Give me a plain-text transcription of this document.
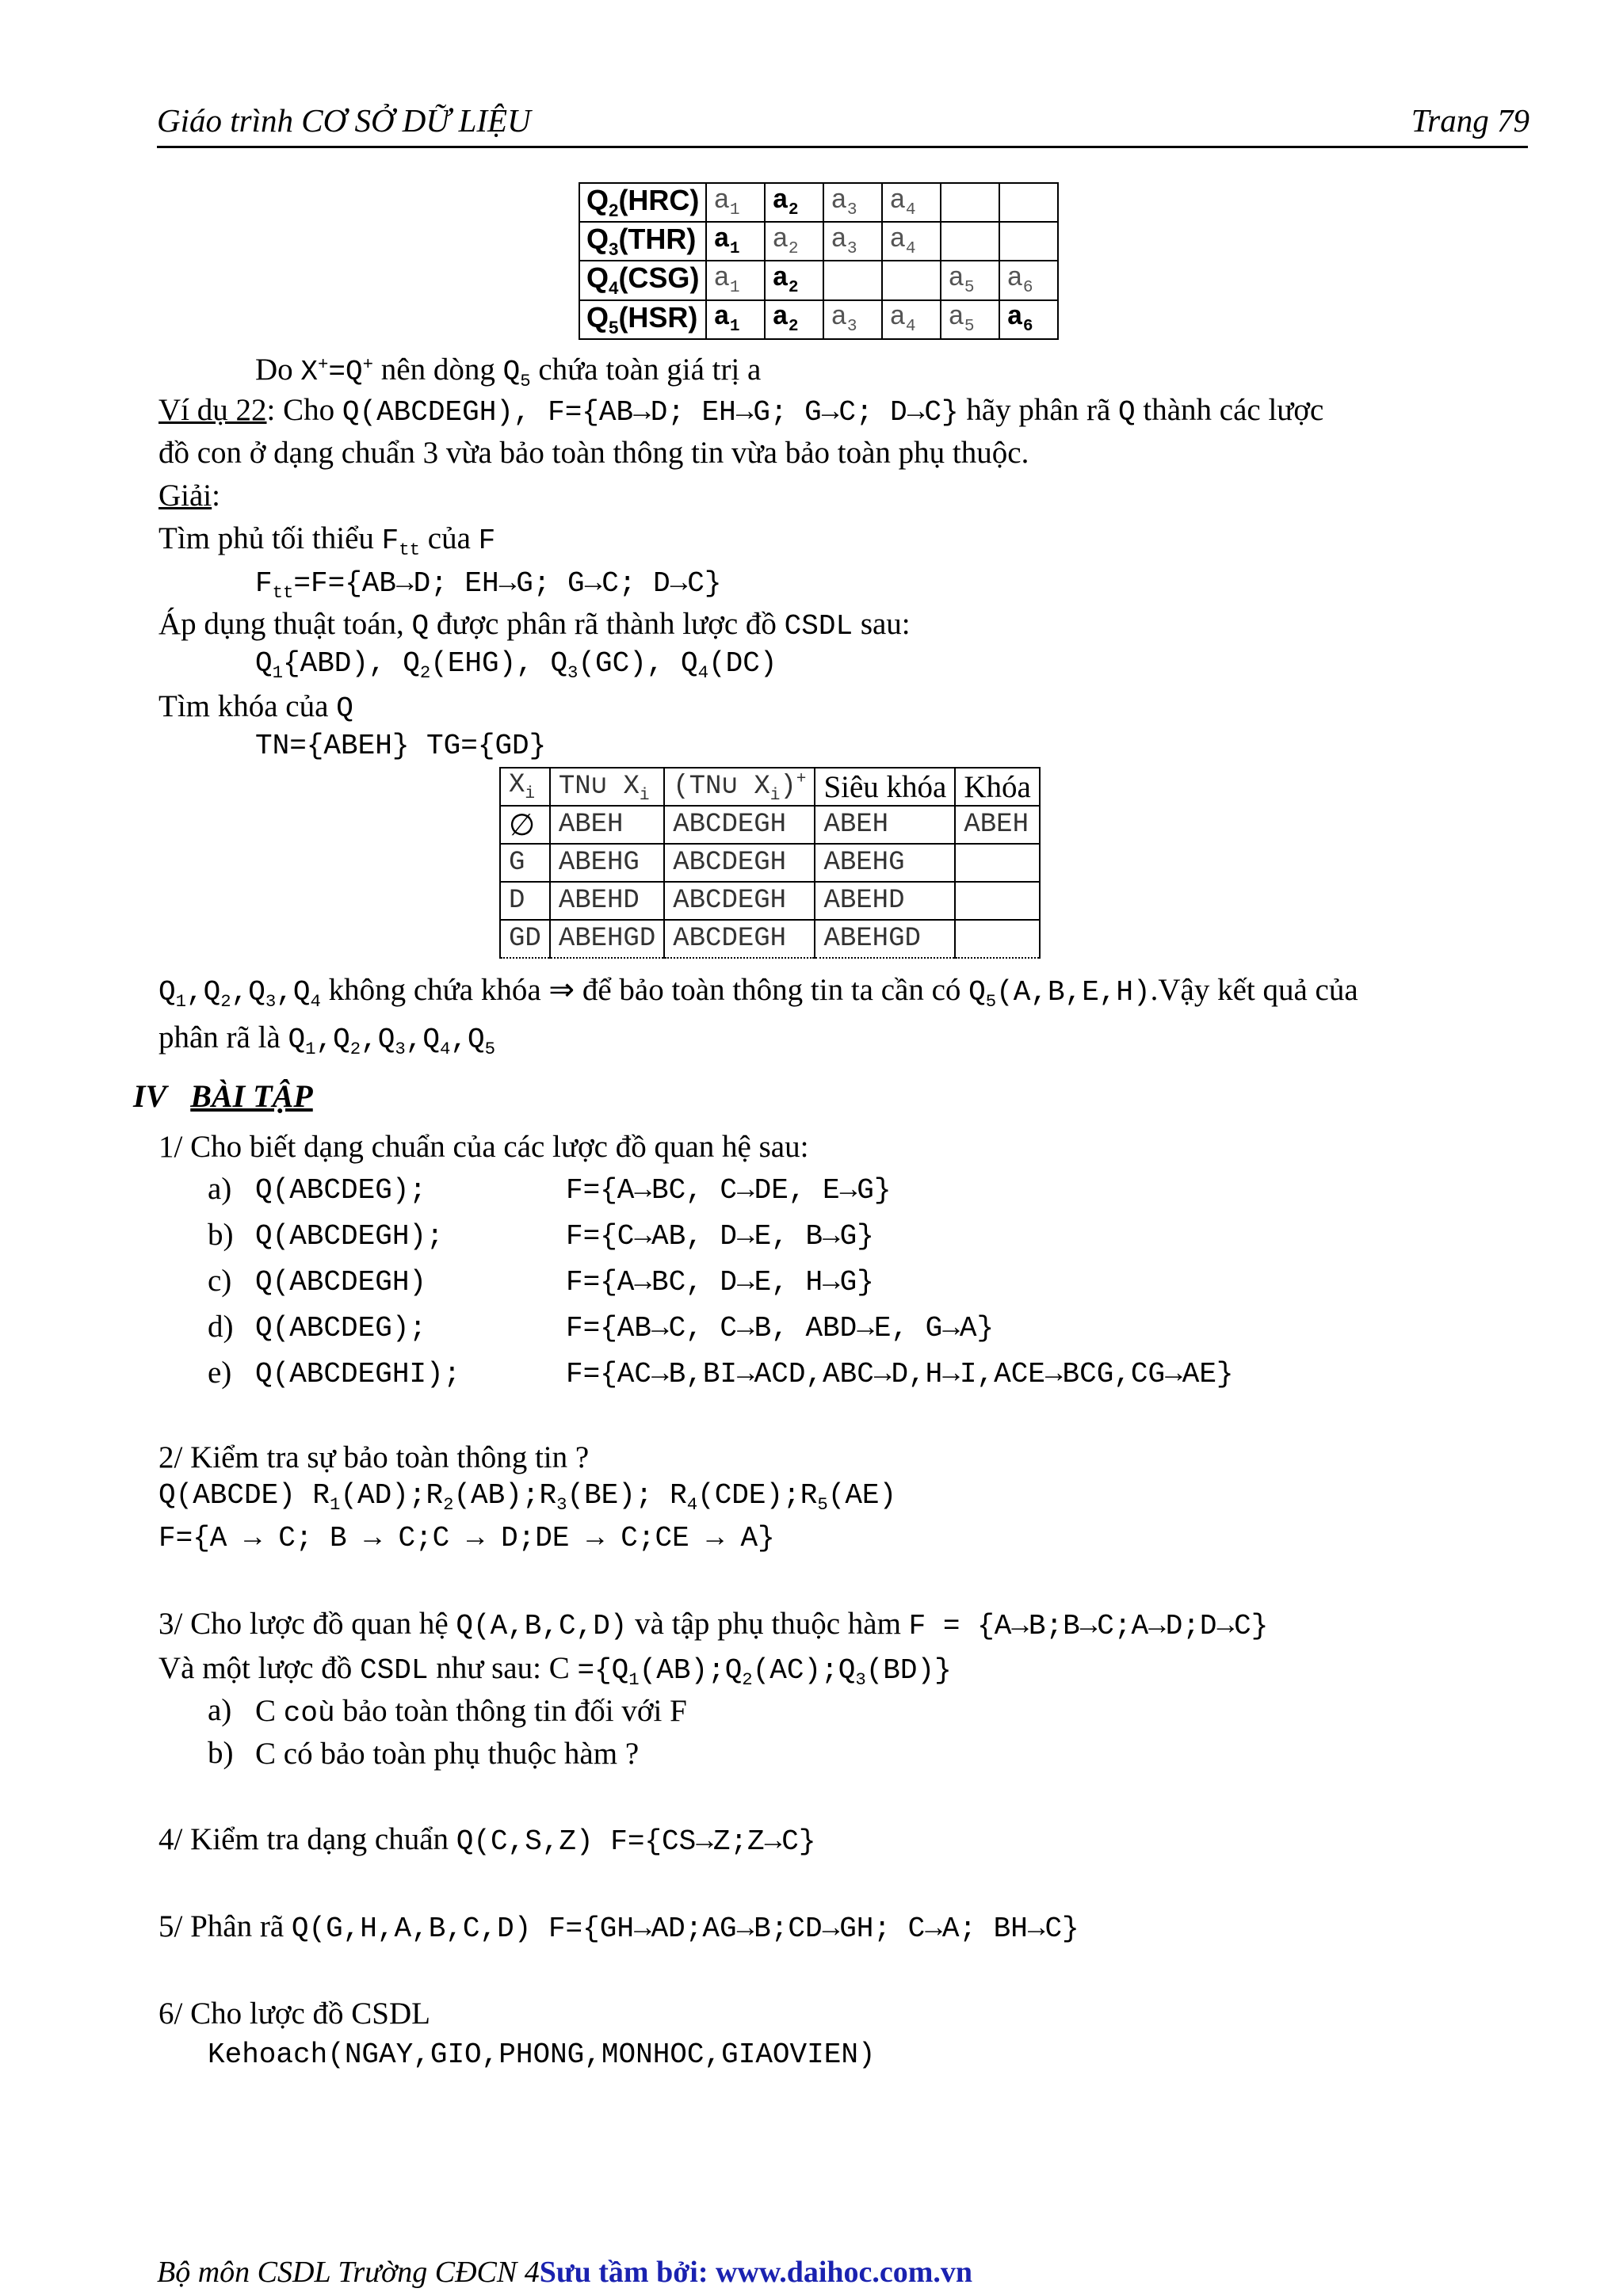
Giáo trình CƠ SỞ DỮ LIỆU	Trang 79
$Q_2(HRC)$	$a_1$	$a_2$	$a_3$	$a_4$		
$Q_3(THR)$	$a_1$	$a_2$	$a_3$	$a_4$		
$Q_4(CSG)$	$a_1$	$a_2$			$a_5$	$a_6$
$Q_5(HSR)$	$a_1$	$a_2$	$a_3$	$a_4$	$a_5$	$a_6$
Do X+=Q+ nên dòng $Q_5$ chứa toàn giá trị a
Ví dụ 22: Cho Q(ABCDEGH), F={AB→D; EH→G; G→C; D→C} hãy phân rã Q thành các lược
đồ con ở dạng chuẩn 3 vừa bảo toàn thông tin vừa bảo toàn phụ thuộc.
Giải:
Tìm phủ tối thiểu $F_{tt}$ của F
$F_{tt}=F=\{AB\to D$; EH→G; G→C; D→C}
Áp dụng thuật toán, Q được phân rã thành lược đồ CSDL sau:
$Q_1\{ABD)$, $Q_2(EHG)$, $Q_3(GC)$, $Q_4(DC)$
Tìm khóa của Q
TN={ABEH} TG={GD}
$X_i$	TN∪ $X_i$	(TN∪ $X_i)^+$	Siêu khóa	Khóa
∅	ABEH	ABCDEGH	ABEH	ABEH
G	ABEHG	ABCDEGH	ABEHG	
D	ABEHD	ABCDEGH	ABEHD	
GD	ABEHGD	ABCDEGH	ABEHGD	
$Q_1,Q_2,Q_3,Q_4$ không chứa khóa ⇒ để bảo toàn thông tin ta cần có $Q_5(A,B,E,H).Vậy$ kết quả của
phân rã là $Q_1,Q_2,Q_3,Q_4,Q_5$
IV BÀI TẬP
1/ Cho biết dạng chuẩn của các lược đồ quan hệ sau:
a) Q(ABCDEG);	F={A→BC, C→DE, E→G}
b) Q(ABCDEGH);	F={C→AB, D→E, B→G}
c) Q(ABCDEGH)	F={A→BC, D→E, H→G}
d) Q(ABCDEG);	F={AB→C, C→B, ABD→E, G→A}
e) Q(ABCDEGHI);	F={AC→B,BI→ACD,ABC→D,H→I,ACE→BCG,CG→AE}
2/ Kiểm tra sự bảo toàn thông tin ?
Q(ABCDE) $R_1(AD);R_2(AB);R_3(BE)$; $R_4(CDE);R_5(AE)$
F={A → C; B → C;C → D;DE → C;CE → A}
3/ Cho lược đồ quan hệ Q(A,B,C,D) và tập phụ thuộc hàm F = {A→B;B→C;A→D;D→C}
Và một lược đồ CSDL như sau: $C =\{Q_1(AB);Q_2(AC);Q_3(BD)\}$
a) C coù bảo toàn thông tin đối với F
b) C có bảo toàn phụ thuộc hàm ?
4/ Kiểm tra dạng chuẩn Q(C,S,Z) F={CS→Z;Z→C}
5/ Phân rã Q(G,H,A,B,C,D) F={GH→AD;AG→B;CD→GH; C→A; BH→C}
6/ Cho lược đồ CSDL
Kehoach(NGAY,GIO,PHONG,MONHOC,GIAOVIEN)
Bộ môn CSDL Trường CĐCN 4Sưu tầm bởi: www.daihoc.com.vn
